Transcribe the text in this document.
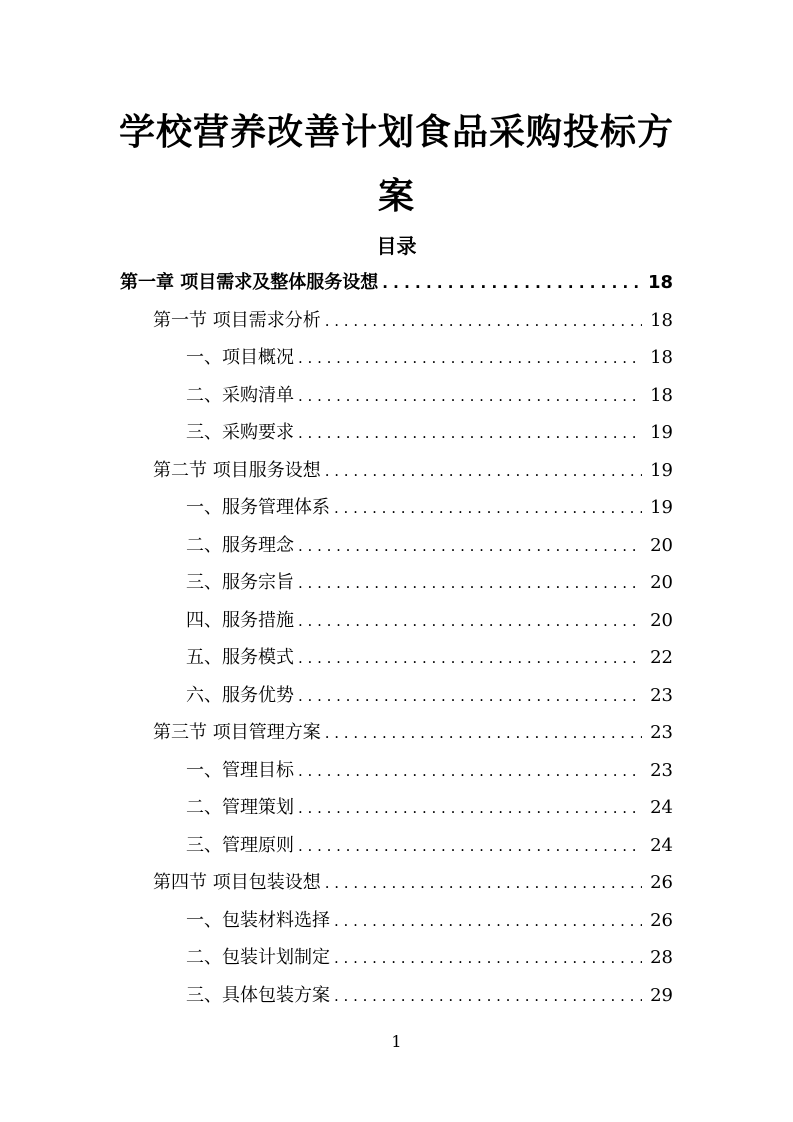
学校营养改善计划食品采购投标方
案
目录
第一章 项目需求及整体服务设想 . . .	18
第一节 项目需求分析 . . .	18
一、项目概况 . . .	18
二、采购清单 . . .	18
三、采购要求 . . .	19
第二节 项目服务设想 . . .	19
一、服务管理体系 . . .	19
二、服务理念 . . .	20
三、服务宗旨 . . .	20
四、服务措施 . . .	20
五、服务模式 . . .	22
六、服务优势 . . .	23
第三节 项目管理方案 . . .	23
一、管理目标 . . .	23
二、管理策划 . . .	24
三、管理原则 . . .	24
第四节 项目包装设想 . . .	26
一、包装材料选择 . . .	26
二、包装计划制定 . . .	28
三、具体包装方案 . . .	29
1
